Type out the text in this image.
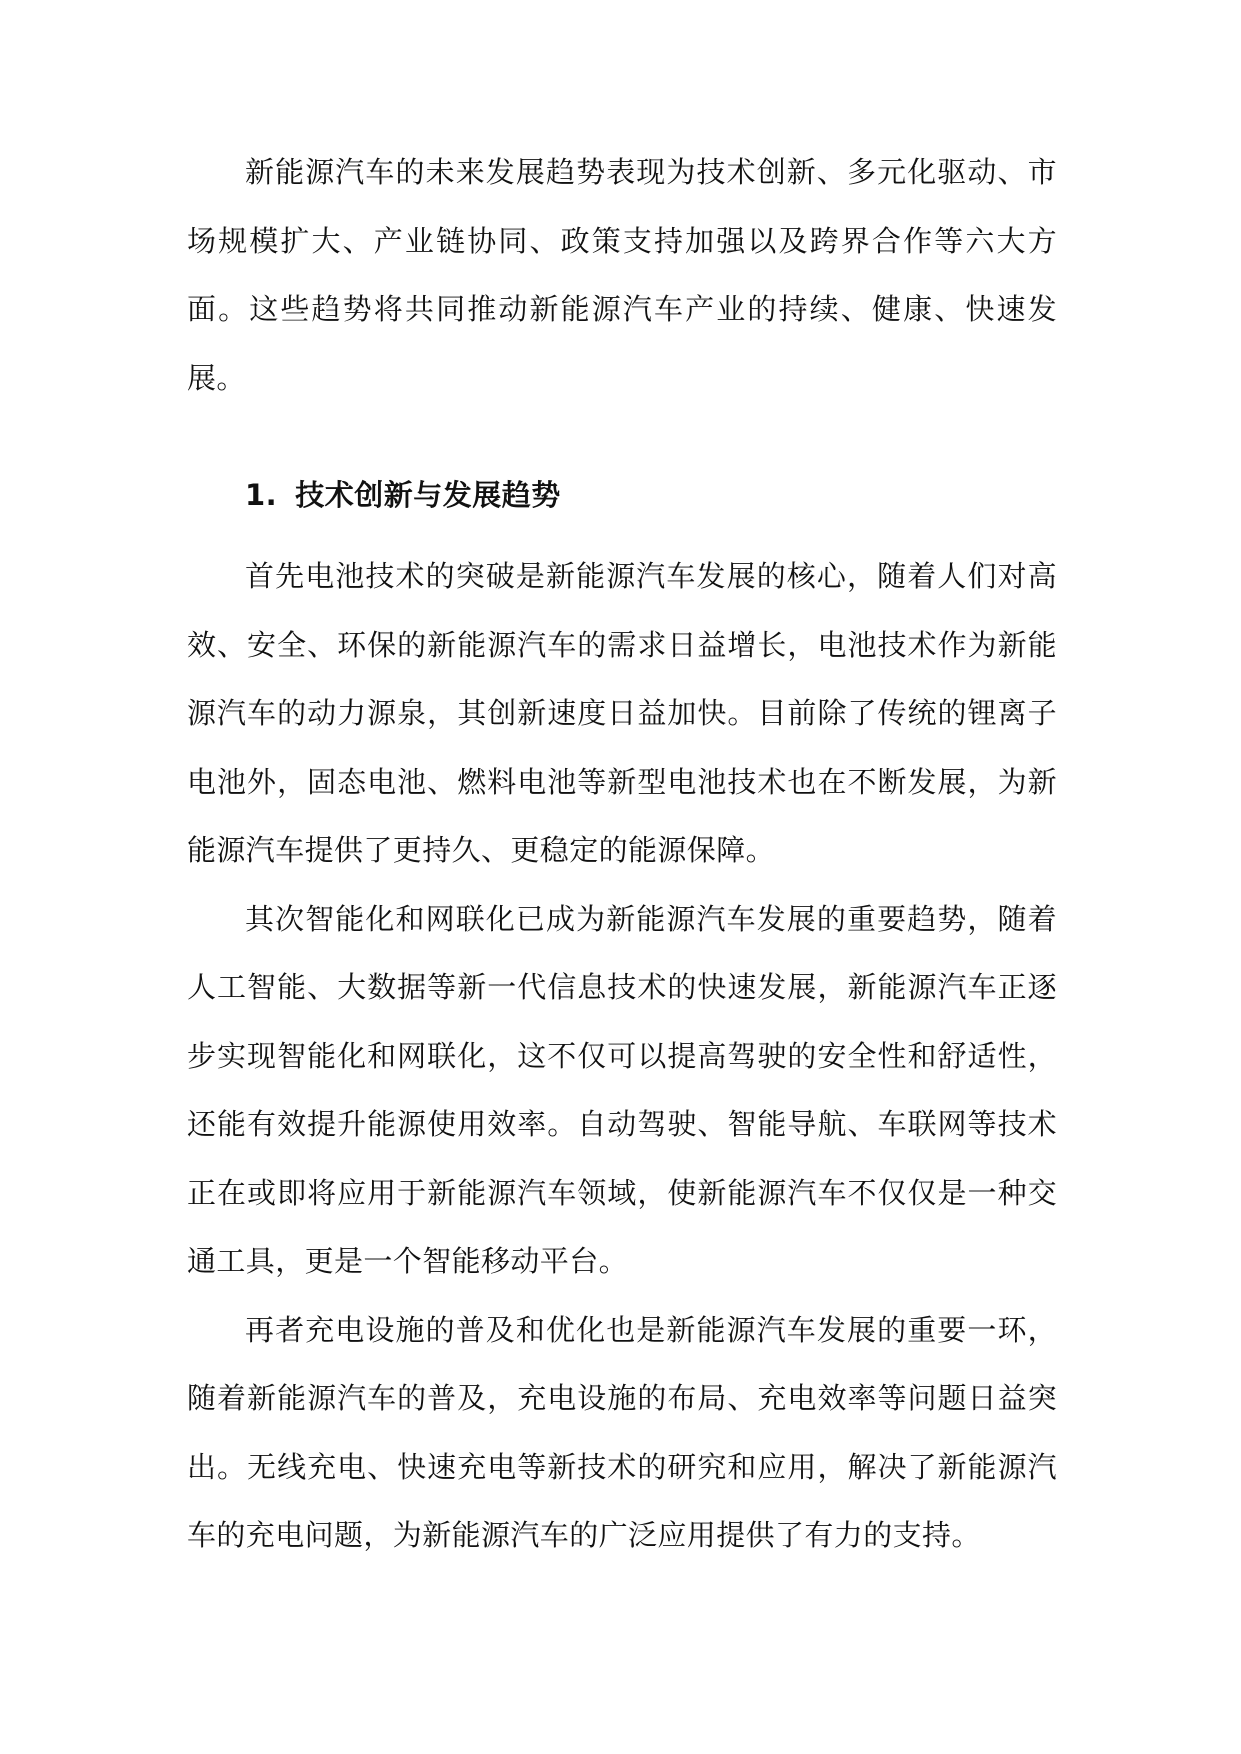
新能源汽车的未来发展趋势表现为技术创新、多元化驱动、市场规模扩大、产业链协同、政策支持加强以及跨界合作等六大方面。这些趋势将共同推动新能源汽车产业的持续、健康、快速发展。

1. 技术创新与发展趋势

首先电池技术的突破是新能源汽车发展的核心，随着人们对高效、安全、环保的新能源汽车的需求日益增长，电池技术作为新能源汽车的动力源泉，其创新速度日益加快。目前除了传统的锂离子电池外，固态电池、燃料电池等新型电池技术也在不断发展，为新能源汽车提供了更持久、更稳定的能源保障。

其次智能化和网联化已成为新能源汽车发展的重要趋势，随着人工智能、大数据等新一代信息技术的快速发展，新能源汽车正逐步实现智能化和网联化，这不仅可以提高驾驶的安全性和舒适性，还能有效提升能源使用效率。自动驾驶、智能导航、车联网等技术正在或即将应用于新能源汽车领域，使新能源汽车不仅仅是一种交通工具，更是一个智能移动平台。

再者充电设施的普及和优化也是新能源汽车发展的重要一环，随着新能源汽车的普及，充电设施的布局、充电效率等问题日益突出。无线充电、快速充电等新技术的研究和应用，解决了新能源汽车的充电问题，为新能源汽车的广泛应用提供了有力的支持。
